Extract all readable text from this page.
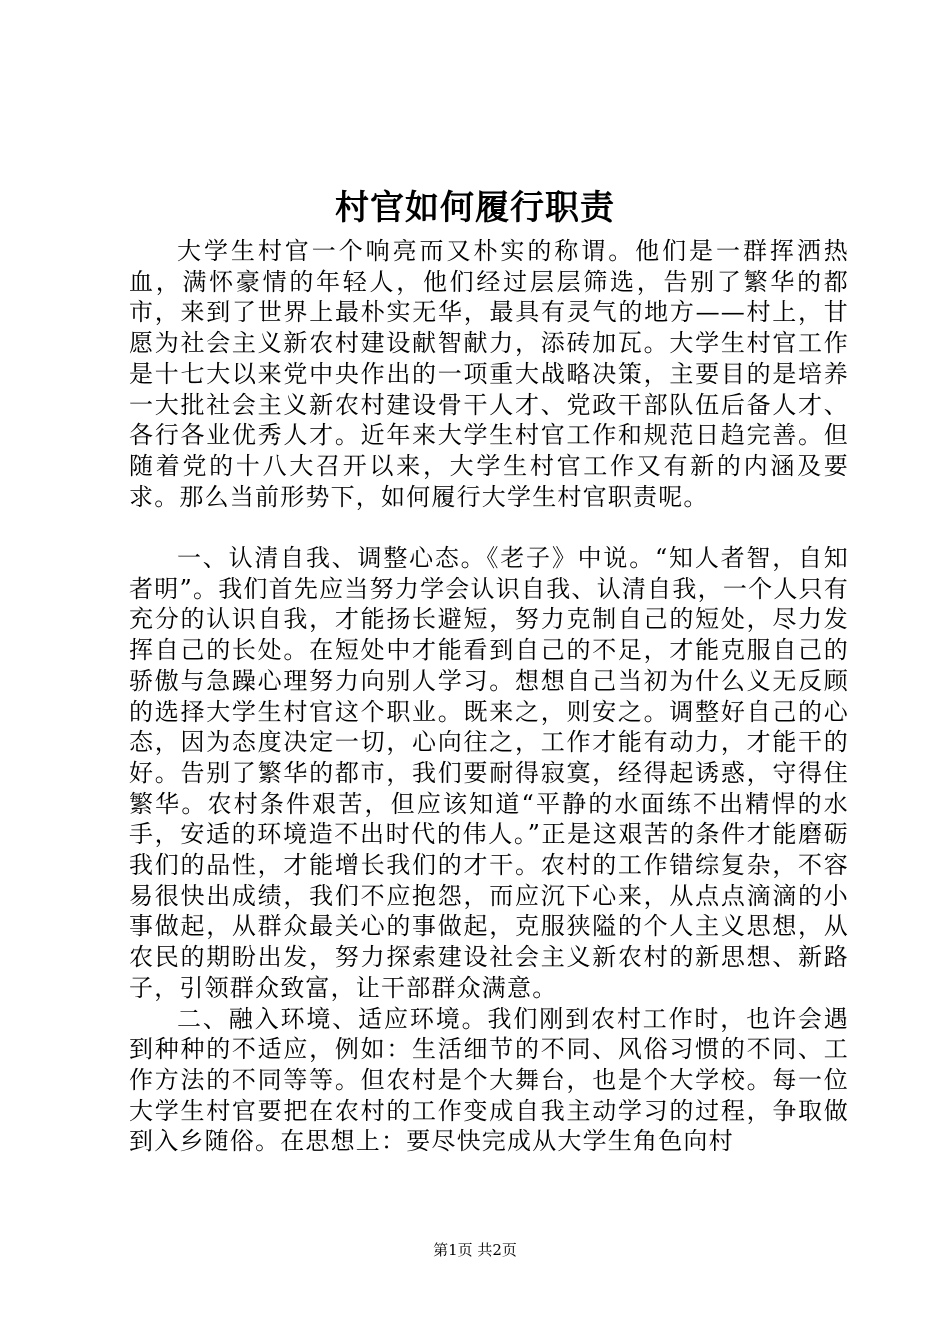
村官如何履行职责

大学生村官一个响亮而又朴实的称谓。他们是一群挥洒热血，满怀豪情的年轻人，他们经过层层筛选，告别了繁华的都市，来到了世界上最朴实无华，最具有灵气的地方——村上，甘愿为社会主义新农村建设献智献力，添砖加瓦。大学生村官工作是十七大以来党中央作出的一项重大战略决策，主要目的是培养一大批社会主义新农村建设骨干人才、党政干部队伍后备人才、各行各业优秀人才。近年来大学生村官工作和规范日趋完善。但随着党的十八大召开以来，大学生村官工作又有新的内涵及要求。那么当前形势下，如何履行大学生村官职责呢。

一、认清自我、调整心态。《老子》中说。“知人者智，自知者明”。我们首先应当努力学会认识自我、认清自我，一个人只有充分的认识自我，才能扬长避短，努力克制自己的短处，尽力发挥自己的长处。在短处中才能看到自己的不足，才能克服自己的骄傲与急躁心理努力向别人学习。想想自己当初为什么义无反顾的选择大学生村官这个职业。既来之，则安之。调整好自己的心态，因为态度决定一切，心向往之，工作才能有动力，才能干的好。告别了繁华的都市，我们要耐得寂寞，经得起诱惑，守得住繁华。农村条件艰苦，但应该知道“平静的水面练不出精悍的水手，安适的环境造不出时代的伟人。”正是这艰苦的条件才能磨砺我们的品性，才能增长我们的才干。农村的工作错综复杂，不容易很快出成绩，我们不应抱怨，而应沉下心来，从点点滴滴的小事做起，从群众最关心的事做起，克服狭隘的个人主义思想，从农民的期盼出发，努力探索建设社会主义新农村的新思想、新路子，引领群众致富，让干部群众满意。

二、融入环境、适应环境。我们刚到农村工作时，也许会遇到种种的不适应，例如：生活细节的不同、风俗习惯的不同、工作方法的不同等等。但农村是个大舞台，也是个大学校。每一位大学生村官要把在农村的工作变成自我主动学习的过程，争取做到入乡随俗。在思想上：要尽快完成从大学生角色向村

第1页 共2页
